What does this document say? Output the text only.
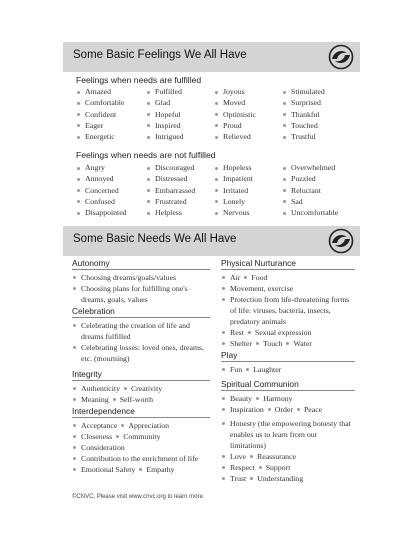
Some Basic Feelings We All Have
Feelings when needs are fulfilled
Amazed
Comfortable
Confident
Eager
Energetic
Fulfilled
Glad
Hopeful
Inspired
Intrigued
Joyous
Moved
Optimistic
Proud
Relieved
Stimulated
Surprised
Thankful
Touched
Trustful
Feelings when needs are not fulfilled
Angry
Annoyed
Concerned
Confused
Disappointed
Discouraged
Distressed
Embarrassed
Frustrated
Helpless
Hopeless
Impatient
Irritated
Lonely
Nervous
Overwhelmed
Puzzled
Reluctant
Sad
Uncomfortable
Some Basic Needs We All Have
Autonomy
Choosing dreams/goals/values
Choosing plans for fulfilling one's dreams, goals, values
Celebration
Celebrating the creation of life and dreams fulfilled
Celebrating losses: loved ones, dreams, etc. (mourning)
Integrity
Authenticity Creativity
Meaning Self-worth
Interdependence
Acceptance Appreciation
Closeness Community
Consideration
Contribution to the enrichment of life
Emotional Safety Empathy
Physical Nurturance
Air Food
Movement, exercise
Protection from life-threatening forms of life: viruses, bacteria, insects, predatory animals
Rest Sexual expression
Shelter Touch Water
Play
Fun Laughter
Spiritual Communion
Beauty Harmony
Inspiration Order Peace
Honesty (the empowering honesty that enables us to learn from our limitations)
Love Reassurance
Respect Support
Trust Understanding
©CNVC. Please visit www.cnvc.org to learn more.
